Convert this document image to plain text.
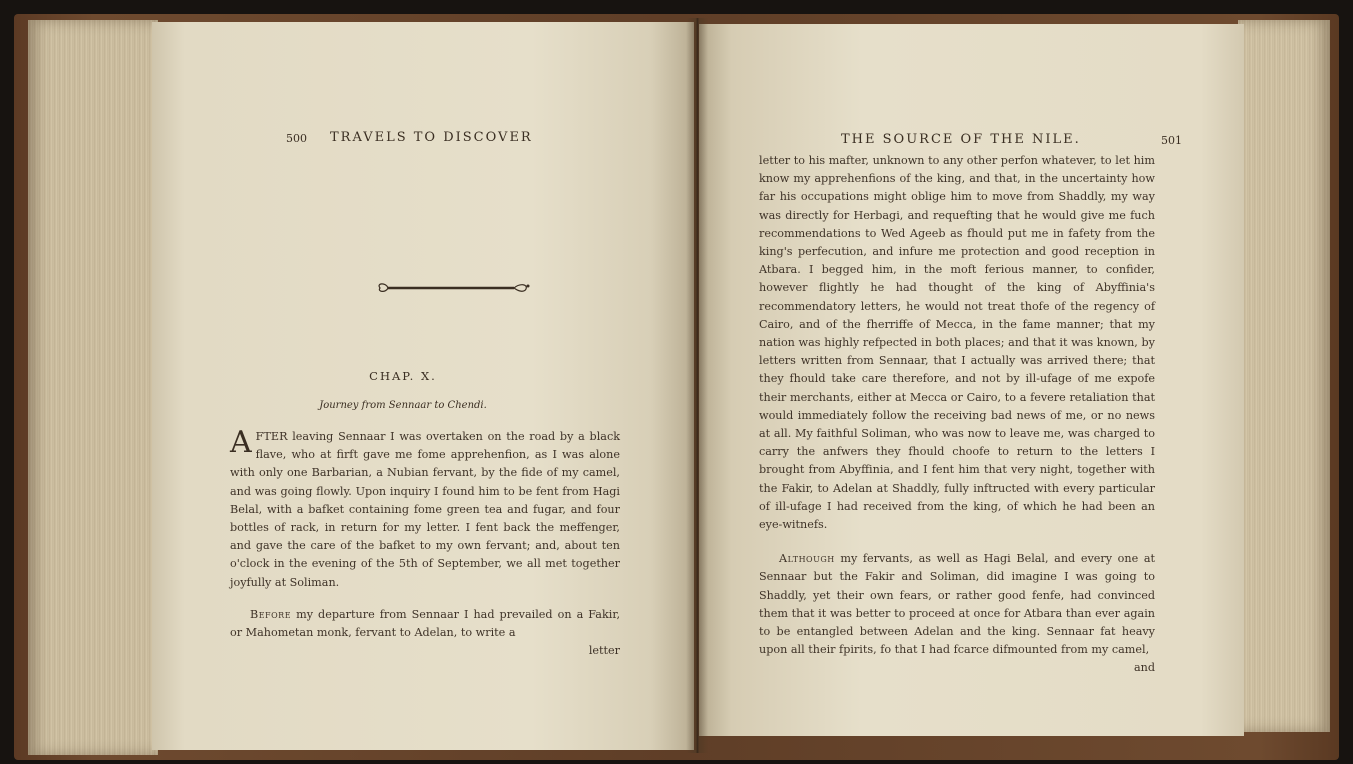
500 TRAVELS TO DISCOVER
CHAP. X.
Journey from Sennaar to Chendi.

AFTER leaving Sennaar I was overtaken on the road by a black flave, who at firft gave me fome apprehenfion, as I was alone with only one Barbarian, a Nubian fervant, by the fide of my camel, and was going flowly. Upon inquiry I found him to be fent from Hagi Belal, with a bafket containing fome green tea and fugar, and four bottles of rack, in return for my letter. I fent back the meffenger, and gave the care of the bafket to my own fervant; and, about ten o'clock in the evening of the 5th of September, we all met together joyfully at Soliman.

Before my departure from Sennaar I had prevailed on a Fakir, or Mahometan monk, fervant to Adelan, to write a

letter

THE SOURCE OF THE NILE.	501

letter to his mafter, unknown to any other perfon whatever, to let him know my apprehenfions of the king, and that, in the uncertainty how far his occupations might oblige him to move from Shaddly, my way was directly for Herbagi, and requefting that he would give me fuch recommendations to Wed Ageeb as fhould put me in fafety from the king's perfecution, and infure me protection and good reception in Atbara. I begged him, in the moft ferious manner, to confider, however flightly he had thought of the king of Abyffinia's recommendatory letters, he would not treat thofe of the regency of Cairo, and of the fherriffe of Mecca, in the fame manner; that my nation was highly refpected in both places; and that it was known, by letters written from Sennaar, that I actually was arrived there; that they fhould take care therefore, and not by ill-ufage of me expofe their merchants, either at Mecca or Cairo, to a fevere retaliation that would immediately follow the receiving bad news of me, or no news at all. My faithful Soliman, who was now to leave me, was charged to carry the anfwers they fhould choofe to return to the letters I brought from Abyffinia, and I fent him that very night, together with the Fakir, to Adelan at Shaddly, fully inftructed with every particular of ill-ufage I had received from the king, of which he had been an eye-witnefs.

Although my fervants, as well as Hagi Belal, and every one at Sennaar but the Fakir and Soliman, did imagine I was going to Shaddly, yet their own fears, or rather good fenfe, had convinced them that it was better to proceed at once for Atbara than ever again to be entangled between Adelan and the king. Sennaar fat heavy upon all their fpirits, fo that I had fcarce difmounted from my camel,

and
